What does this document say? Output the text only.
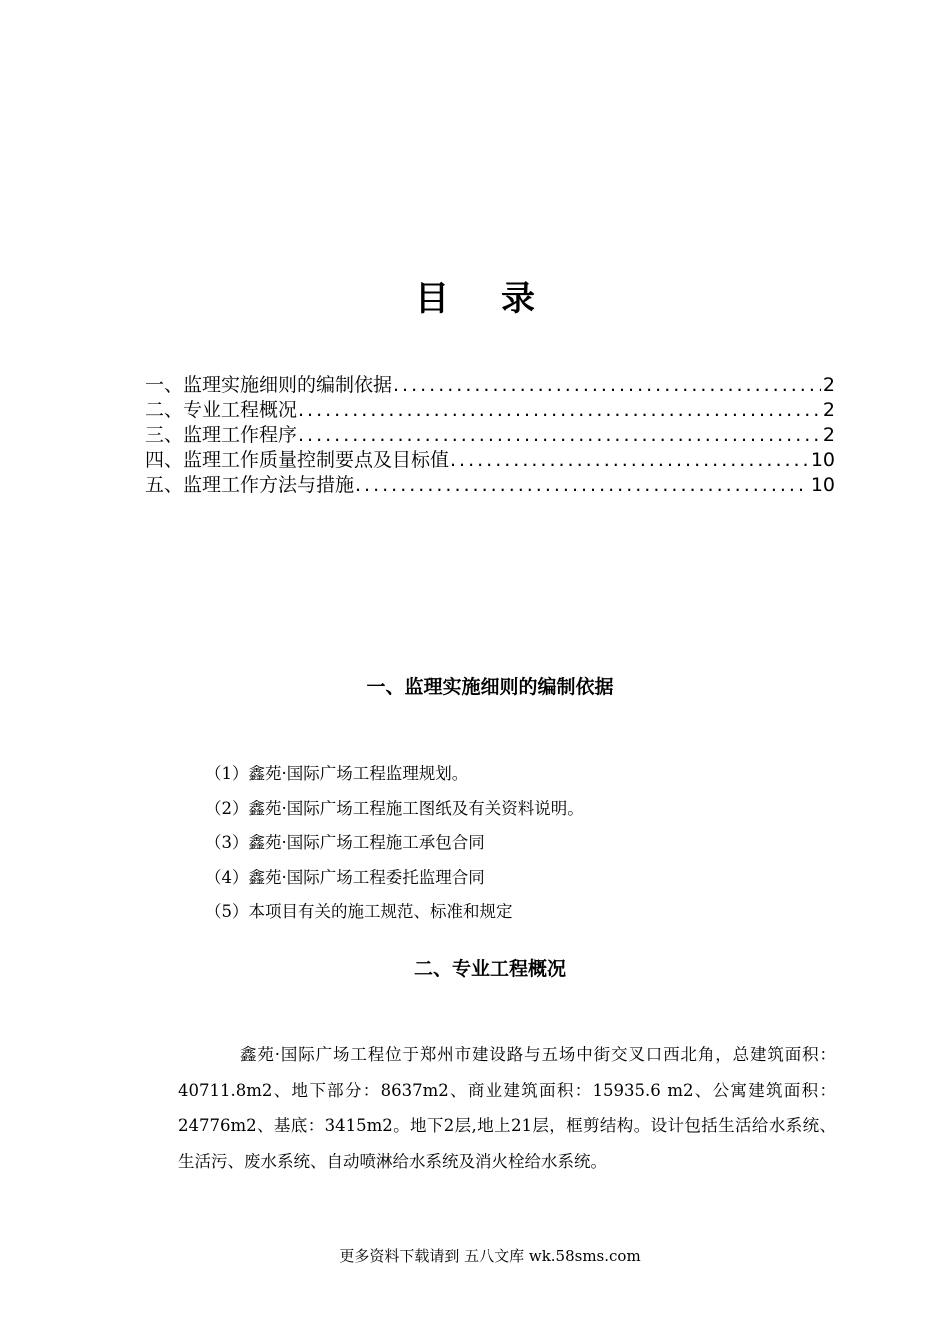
目录
一、监理实施细则的编制依据 .....	2
二、专业工程概况 .....	2
三、监理工作程序 .....	2
四、监理工作质量控制要点及目标值 .....	10
五、监理工作方法与措施 .....	10
一、监理实施细则的编制依据
（1）鑫苑·国际广场工程监理规划。
（2）鑫苑·国际广场工程施工图纸及有关资料说明。
（3）鑫苑·国际广场工程施工承包合同
（4）鑫苑·国际广场工程委托监理合同
（5）本项目有关的施工规范、标准和规定
二、专业工程概况

鑫苑·国际广场工程位于郑州市建设路与五场中街交叉口西北角，总建筑面积：40711.8m2、地下部分：8637m2、商业建筑面积：15935.6 m2、公寓建筑面积：24776m2、基底：3415m2。地下2层,地上21层，框剪结构。设计包括生活给水系统、生活污、废水系统、自动喷淋给水系统及消火栓给水系统。

更多资料下载请到 五八文库 wk.58sms.com
